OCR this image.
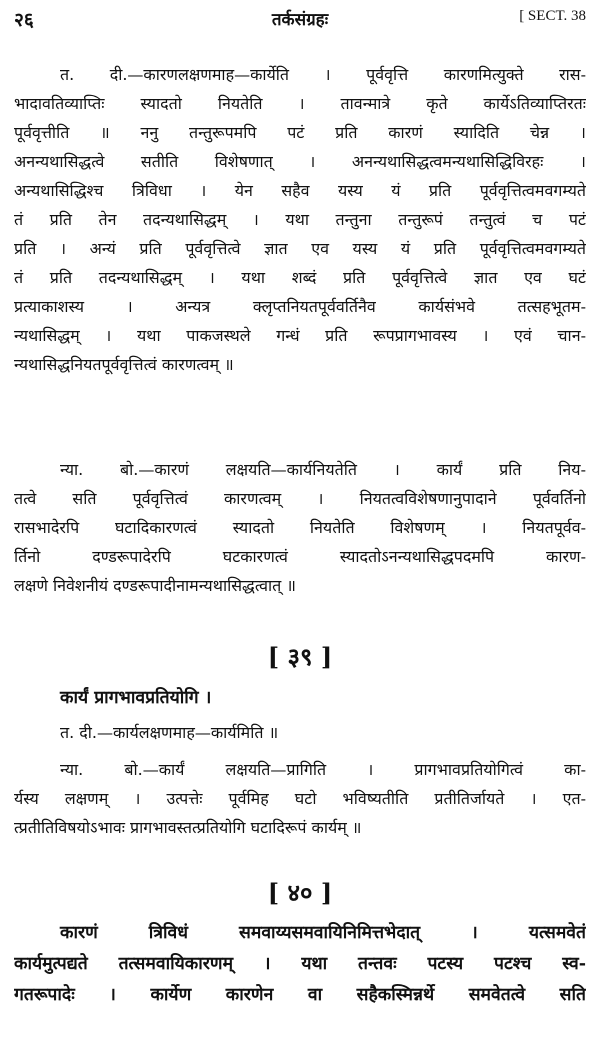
२६	तर्कसंग्रहः	[ SECT. 38
त. दी.—कारणलक्षणमाह—कार्येति । पूर्ववृत्ति कारणमित्युक्ते रास-
भादावतिव्याप्तिः स्यादतो नियतेति । तावन्मात्रे कृते कार्येऽतिव्याप्तिरतः
पूर्ववृत्तीति ॥ ननु तन्तुरूपमपि पटं प्रति कारणं स्यादिति चेन्न ।
अनन्यथासिद्धत्वे सतीति विशेषणात् । अनन्यथासिद्धत्वमन्यथासिद्धिविरहः ।
अन्यथासिद्धिश्च त्रिविधा । येन सहैव यस्य यं प्रति पूर्ववृत्तित्वमवगम्यते
तं प्रति तेन तदन्यथासिद्धम् । यथा तन्तुना तन्तुरूपं तन्तुत्वं च पटं
प्रति । अन्यं प्रति पूर्ववृत्तित्वे ज्ञात एव यस्य यं प्रति पूर्ववृत्तित्वमवगम्यते
तं प्रति तदन्यथासिद्धम् । यथा शब्दं प्रति पूर्ववृत्तित्वे ज्ञात एव घटं
प्रत्याकाशस्य । अन्यत्र क्लृप्तनियतपूर्ववर्तिनैव कार्यसंभवे तत्सहभूतम-
न्यथासिद्धम् । यथा पाकजस्थले गन्धं प्रति रूपप्रागभावस्य । एवं चान-
न्यथासिद्धनियतपूर्ववृत्तित्वं कारणत्वम् ॥
न्या. बो.—कारणं लक्षयति—कार्यनियतेति । कार्यं प्रति निय-
तत्वे सति पूर्ववृत्तित्वं कारणत्वम् । नियतत्वविशेषणानुपादाने पूर्ववर्तिनो
रासभादेरपि घटादिकारणत्वं स्यादतो नियतेति विशेषणम् । नियतपूर्वव-
र्तिनो दण्डरूपादेरपि घटकारणत्वं स्यादतोऽनन्यथासिद्धपदमपि कारण-
लक्षणे निवेशनीयं दण्डरूपादीनामन्यथासिद्धत्वात् ॥
[ ३९ ]
कार्यं प्रागभावप्रतियोगि ।
त. दी.—कार्यलक्षणमाह—कार्यमिति ॥
न्या. बो.—कार्यं लक्षयति—प्रागिति । प्रागभावप्रतियोगित्वं का-
र्यस्य लक्षणम् । उत्पत्तेः पूर्वमिह घटो भविष्यतीति प्रतीतिर्जायते । एत-
त्प्रतीतिविषयोऽभावः प्रागभावस्तत्प्रतियोगि घटादिरूपं कार्यम् ॥
[ ४० ]
कारणं त्रिविधं समवाय्यसमवायिनिमित्तभेदात् । यत्समवेतं
कार्यमुत्पद्यते तत्समवायिकारणम् । यथा तन्तवः पटस्य पटश्च स्व-
गतरूपादेः । कार्येण कारणेन वा सहैकस्मिन्नर्थे समवेतत्वे सति
